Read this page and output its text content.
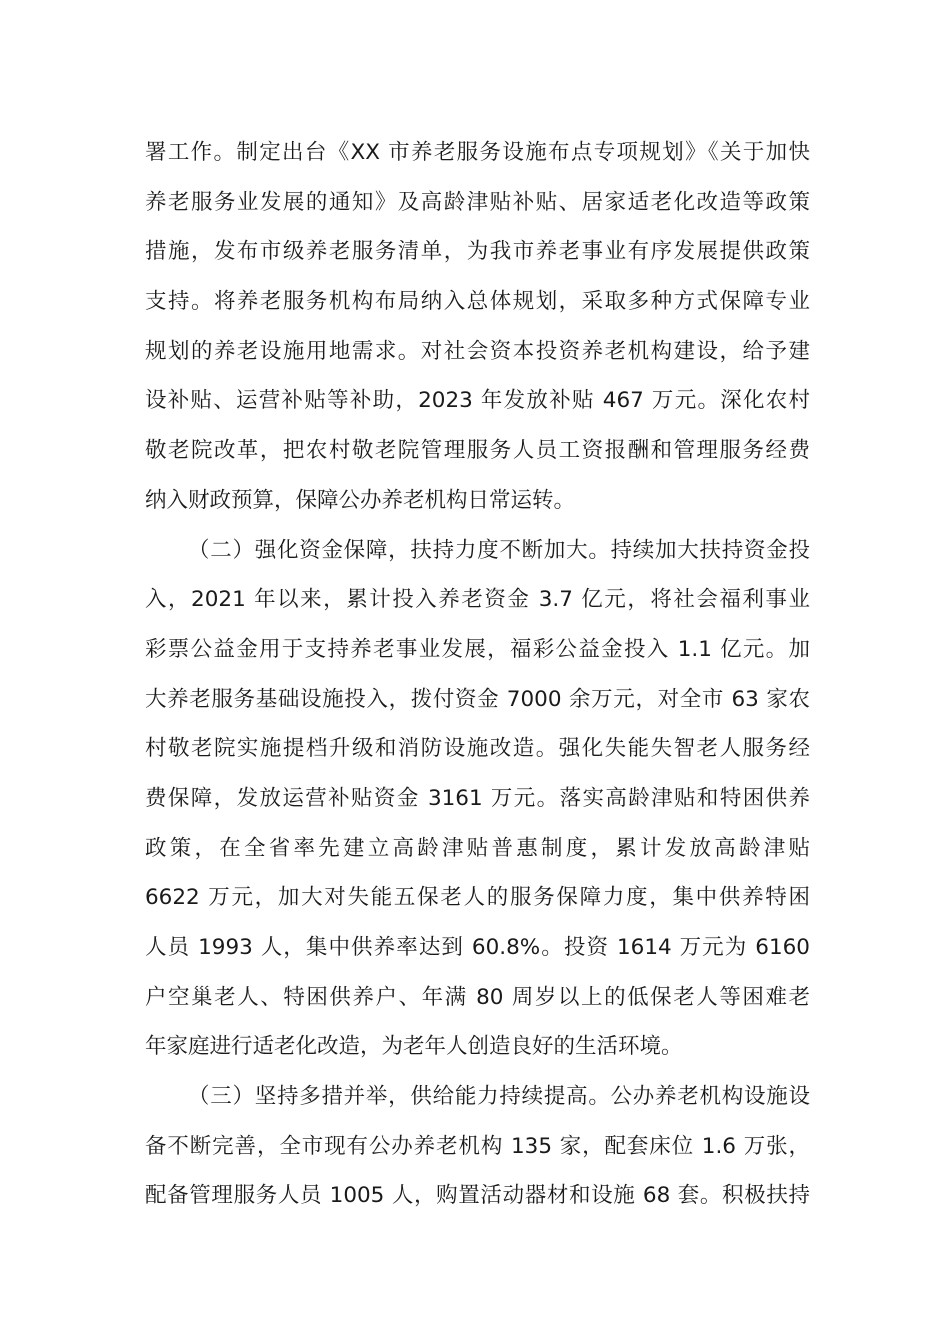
署工作。制定出台《XX 市养老服务设施布点专项规划》《关于加快
养老服务业发展的通知》及高龄津贴补贴、居家适老化改造等政策
措施，发布市级养老服务清单，为我市养老事业有序发展提供政策
支持。将养老服务机构布局纳入总体规划，采取多种方式保障专业
规划的养老设施用地需求。对社会资本投资养老机构建设，给予建
设补贴、运营补贴等补助，2023 年发放补贴 467 万元。深化农村
敬老院改革，把农村敬老院管理服务人员工资报酬和管理服务经费
纳入财政预算，保障公办养老机构日常运转。
（二）强化资金保障，扶持力度不断加大。持续加大扶持资金投
入，2021 年以来，累计投入养老资金 3.7 亿元，将社会福利事业
彩票公益金用于支持养老事业发展，福彩公益金投入 1.1 亿元。加
大养老服务基础设施投入，拨付资金 7000 余万元，对全市 63 家农
村敬老院实施提档升级和消防设施改造。强化失能失智老人服务经
费保障，发放运营补贴资金 3161 万元。落实高龄津贴和特困供养
政策，在全省率先建立高龄津贴普惠制度，累计发放高龄津贴
6622 万元，加大对失能五保老人的服务保障力度，集中供养特困
人员 1993 人，集中供养率达到 60.8%。投资 1614 万元为 6160
户空巢老人、特困供养户、年满 80 周岁以上的低保老人等困难老
年家庭进行适老化改造，为老年人创造良好的生活环境。
（三）坚持多措并举，供给能力持续提高。公办养老机构设施设
备不断完善，全市现有公办养老机构 135 家，配套床位 1.6 万张，
配备管理服务人员 1005 人，购置活动器材和设施 68 套。积极扶持
